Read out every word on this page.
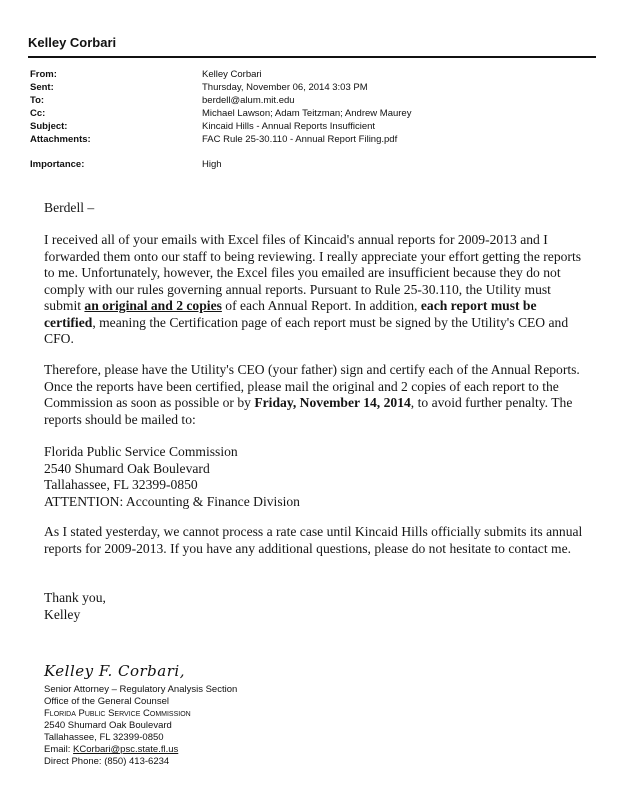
Kelley Corbari
From:	Kelley Corbari
Sent:	Thursday, November 06, 2014 3:03 PM
To:	berdell@alum.mit.edu
Cc:	Michael Lawson; Adam Teitzman; Andrew Maurey
Subject:	Kincaid Hills - Annual Reports Insufficient
Attachments:	FAC Rule 25-30.110 - Annual Report Filing.pdf
Importance:	High
Berdell –

I received all of your emails with Excel files of Kincaid's annual reports for 2009-2013 and I forwarded them onto our staff to being reviewing. I really appreciate your effort getting the reports to me. Unfortunately, however, the Excel files you emailed are insufficient because they do not comply with our rules governing annual reports. Pursuant to Rule 25-30.110, the Utility must submit an original and 2 copies of each Annual Report. In addition, each report must be certified, meaning the Certification page of each report must be signed by the Utility's CEO and CFO.

Therefore, please have the Utility's CEO (your father) sign and certify each of the Annual Reports. Once the reports have been certified, please mail the original and 2 copies of each report to the Commission as soon as possible or by Friday, November 14, 2014, to avoid further penalty. The reports should be mailed to:

Florida Public Service Commission
2540 Shumard Oak Boulevard
Tallahassee, FL 32399-0850
ATTENTION: Accounting & Finance Division
As I stated yesterday, we cannot process a rate case until Kincaid Hills officially submits its annual reports for 2009-2013. If you have any additional questions, please do not hesitate to contact me.
Thank you,
Kelley
Kelley F. Corbari,
Senior Attorney – Regulatory Analysis Section
Office of the General Counsel
Florida Public Service Commission
2540 Shumard Oak Boulevard
Tallahassee, FL 32399-0850
Email: KCorbari@psc.state.fl.us
Direct Phone: (850) 413-6234
